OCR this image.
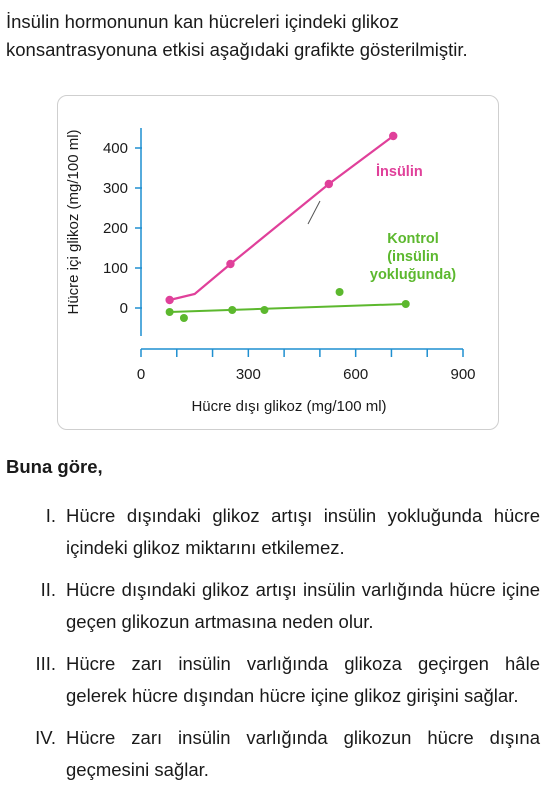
İnsülin hormonunun kan hücreleri içindeki glikoz konsantrasyonuna etkisi aşağıdaki grafikte gösterilmiştir.

0
100
200
300
400
0	300	600	900
Hücre dışı glikoz (mg/100 ml)
Hücre içi glikoz (mg/100 ml)	İnsülin
Kontrol
(insülin
yokluğunda)

Buna göre,

I. Hücre dışındaki glikoz artışı insülin yokluğunda hücre içindeki glikoz miktarını etkilemez.
II. Hücre dışındaki glikoz artışı insülin varlığında hücre içine geçen glikozun artmasına neden olur.
III. Hücre zarı insülin varlığında glikoza geçirgen hâle gelerek hücre dışından hücre içine glikoz girişini sağlar.
IV. Hücre zarı insülin varlığında glikozun hücre dışına geçmesini sağlar.
